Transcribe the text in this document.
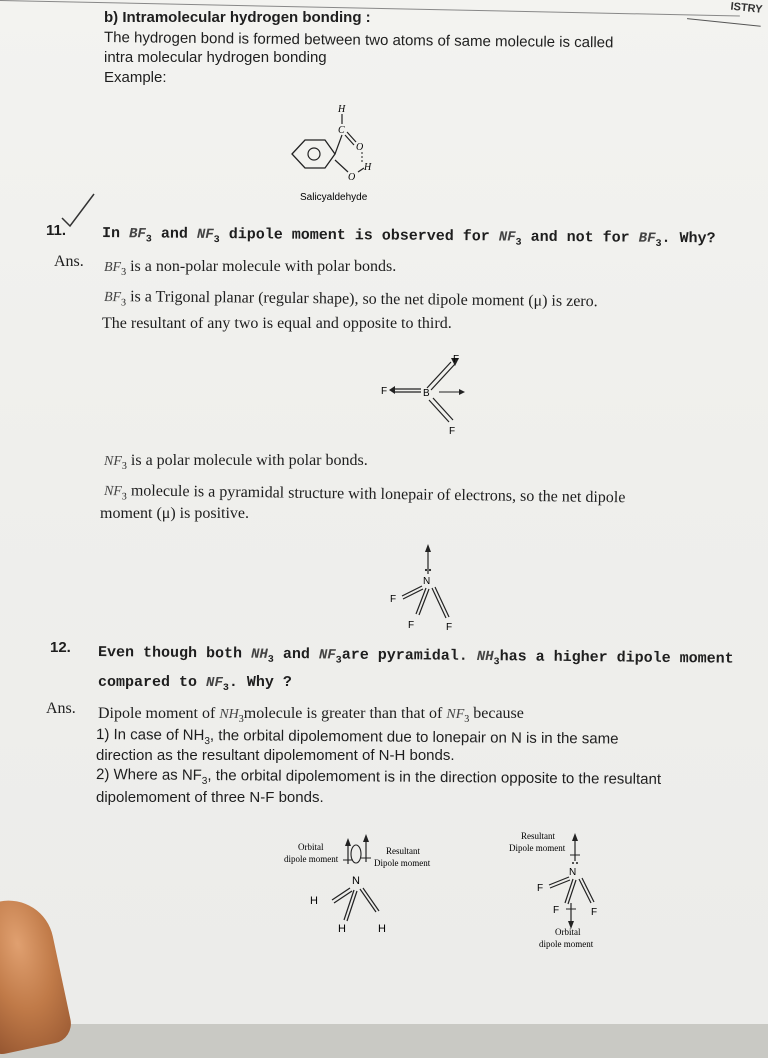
ISTRY
b) Intramolecular hydrogen bonding :
The hydrogen bond is formed between two atoms of same molecule is called
intra molecular hydrogen bonding
Example:
H
C
O
O
H
Salicyaldehyde
11. In $BF_3$ and $NF_3$ dipole moment is observed for $NF_3$ and not for $BF_3$. Why?
Ans. $BF_3$ is a non-polar molecule with polar bonds.
$BF_3$ is a Trigonal planar (regular shape), so the net dipole moment (μ) is zero.
The resultant of any two is equal and opposite to third.
F
F	B
F
$NF_3$ is a polar molecule with polar bonds.
$NF_3$ molecule is a pyramidal structure with lonepair of electrons, so the net dipole
moment (μ) is positive.
N
F
F	F
12. Even though both $NH_3$ and $NF_3are$ pyramidal. $NH_3has$ a higher dipole moment
compared to $NF_3$. Why ?
Ans. Dipole moment of $NH_3molecule$ is greater than that of $NF_3$ because
1) In case of $NH_3$, the orbital dipolemoment due to lonepair on N is in the same
direction as the resultant dipolemoment of N-H bonds.
2) Where as $NF_3$, the orbital dipolemoment is in the direction opposite to the resultant
dipolemoment of three N-F bonds.
Orbital
dipole moment
Resultant
Dipole moment
N
H
H	H
Resultant
Dipole moment
N
F
F	F
Orbital
dipole moment
